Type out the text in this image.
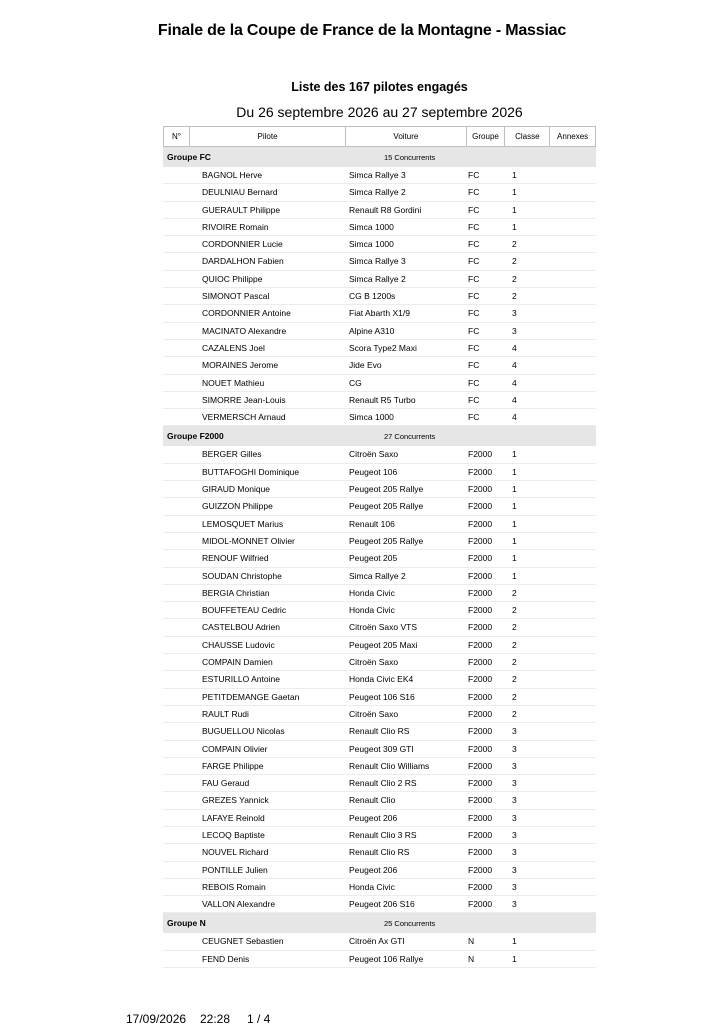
Finale de la Coupe de France de la Montagne - Massiac
Liste des 167 pilotes engagés
Du 26 septembre 2026 au 27 septembre 2026
N°	Pilote	Voiture	Groupe	Classe	Annexes
Groupe FC	15 Concurrents
BAGNOL Herve	Simca Rallye 3	FC	1
DEULNIAU Bernard	Simca Rallye 2	FC	1
GUERAULT Philippe	Renault R8 Gordini	FC	1
RIVOIRE Romain	Simca 1000	FC	1
CORDONNIER Lucie	Simca 1000	FC	2
DARDALHON Fabien	Simca Rallye 3	FC	2
QUIOC Philippe	Simca Rallye 2	FC	2
SIMONOT Pascal	CG B 1200s	FC	2
CORDONNIER Antoine	Fiat Abarth X1/9	FC	3
MACINATO Alexandre	Alpine A310	FC	3
CAZALENS Joel	Scora Type2 Maxi	FC	4
MORAINES Jerome	Jide Evo	FC	4
NOUET Mathieu	CG	FC	4
SIMORRE Jean-Louis	Renault R5 Turbo	FC	4
VERMERSCH Arnaud	Simca 1000	FC	4
Groupe F2000	27 Concurrents
BERGER Gilles	Citroën Saxo	F2000 1
BUTTAFOGHI Dominique	Peugeot 106	F2000 1
GIRAUD Monique	Peugeot 205 Rallye	F2000 1
GUIZZON Philippe	Peugeot 205 Rallye	F2000 1
LEMOSQUET Marius	Renault 106	F2000 1
MIDOL-MONNET Olivier	Peugeot 205 Rallye	F2000 1
RENOUF Wilfried	Peugeot 205	F2000 1
SOUDAN Christophe	Simca Rallye 2	F2000 1
BERGIA Christian	Honda Civic	F2000 2
BOUFFETEAU Cedric	Honda Civic	F2000 2
CASTELBOU Adrien	Citroën Saxo VTS	F2000 2
CHAUSSE Ludovic	Peugeot 205 Maxi	F2000 2
COMPAIN Damien	Citroën Saxo	F2000 2
ESTURILLO Antoine	Honda Civic EK4	F2000 2
PETITDEMANGE Gaetan	Peugeot 106 S16	F2000 2
RAULT Rudi	Citroën Saxo	F2000 2
BUGUELLOU Nicolas	Renault Clio RS	F2000 3
COMPAIN Olivier	Peugeot 309 GTI	F2000 3
FARGE Philippe	Renault Clio Williams	F2000 3
FAU Geraud	Renault Clio 2 RS	F2000 3
GREZES Yannick	Renault Clio	F2000 3
LAFAYE Reinold	Peugeot 206	F2000 3
LECOQ Baptiste	Renault Clio 3 RS	F2000 3
NOUVEL Richard	Renault Clio RS	F2000 3
PONTILLE Julien	Peugeot 206	F2000 3
REBOIS Romain	Honda Civic	F2000 3
VALLON Alexandre	Peugeot 206 S16	F2000 3
Groupe N	25 Concurrents
CEUGNET Sebastien	Citroën Ax GTI	N	1
FEND Denis	Peugeot 106 Rallye	N	1
17/09/2026 22:28 1 / 4
